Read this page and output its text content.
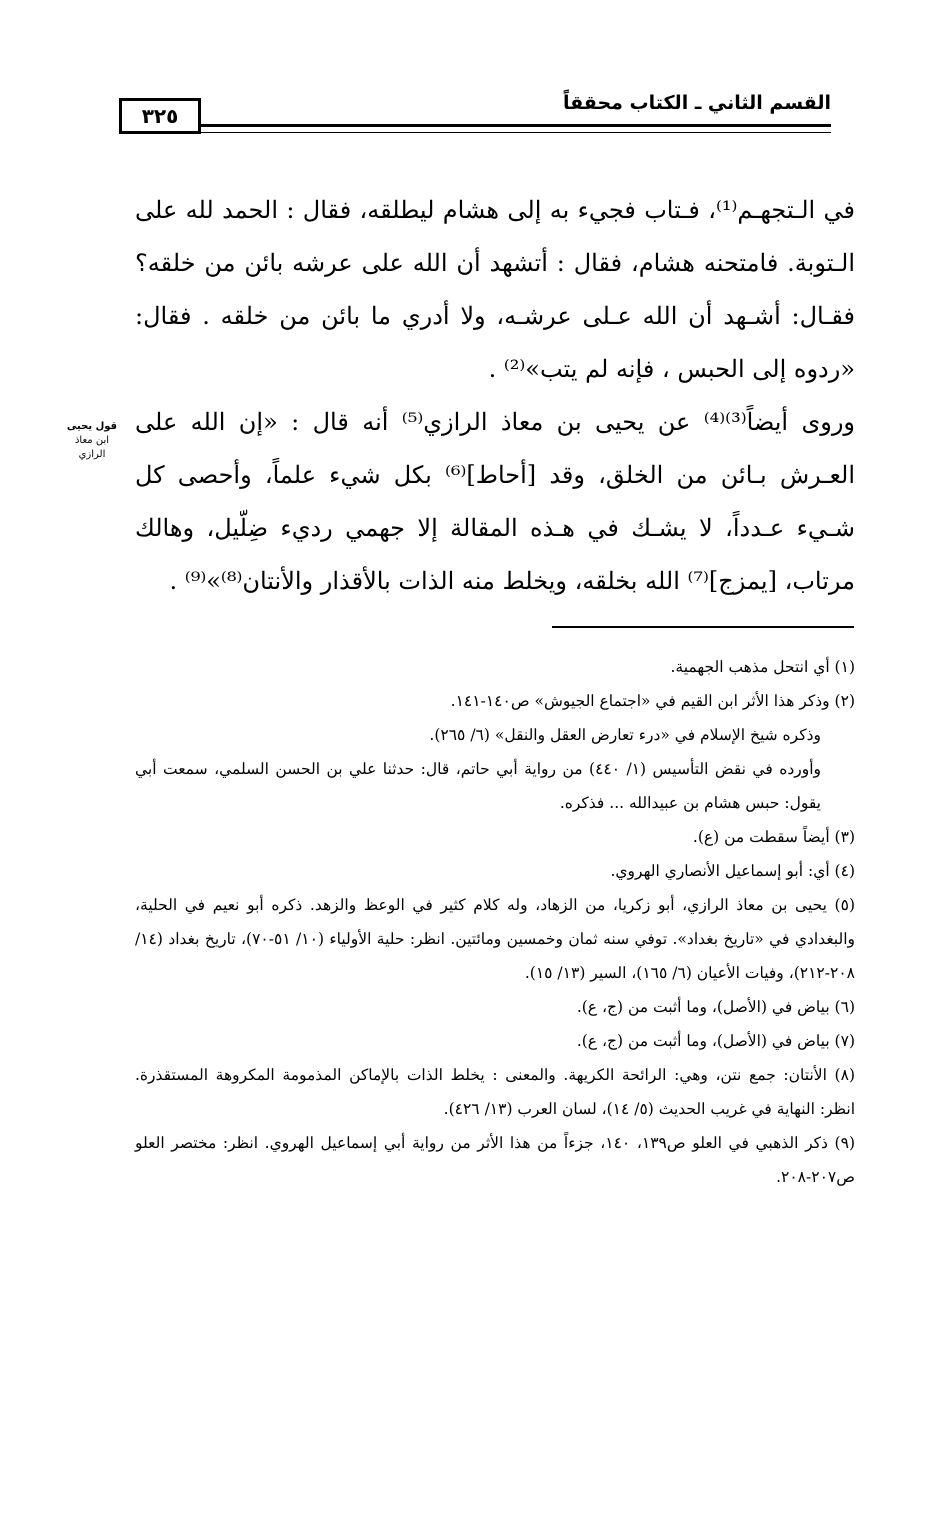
القسم الثاني ـ الكتاب محققاً
٣٢٥

في الـتجهـم⁽¹⁾، فـتاب فجيء به إلى هشام ليطلقه، فقال : الحمد لله على الـتوبة. فامتحنه هشام، فقال : أتشهد أن الله على عرشه بائن من خلقه؟ فقـال: أشـهد أن الله عـلى عرشـه، ولا أدري ما بائن من خلقه . فقال: «ردوه إلى الحبس ، فإنه لم يتب»⁽²⁾ .

وروى أيضاً⁽³⁾⁽⁴⁾ عن يحيى بن معاذ الرازي⁽⁵⁾ أنه قال : «إن الله على العـرش بـائن من الخلق، وقد [أحاط]⁽⁶⁾ بكل شيء علماً، وأحصى كل شـيء عـدداً، لا يشـك في هـذه المقالة إلا جهمي رديء ضِلّيل، وهالك مرتاب، [يمزج]⁽⁷⁾ الله بخلقه، ويخلط منه الذات بالأقذار والأنتان⁽⁸⁾»⁽⁹⁾ .

قول يحيى
ابن معاذ
الرازي

(١) أي انتحل مذهب الجهمية.

(٢) وذكر هذا الأثر ابن القيم في «اجتماع الجيوش» ص١٤٠-١٤١.

وذكره شيخ الإسلام في «درء تعارض العقل والنقل» (٦/ ٢٦٥).

وأورده في نقض التأسيس (١/ ٤٤٠) من رواية أبي حاتم، قال: حدثنا علي بن الحسن السلمي، سمعت أبي يقول: حبس هشام بن عبيدالله ... فذكره.

(٣) أيضاً سقطت من (ع).

(٤) أي: أبو إسماعيل الأنصاري الهروي.

(٥) يحيى بن معاذ الرازي، أبو زكريا، من الزهاد، وله كلام كثير في الوعظ والزهد. ذكره أبو نعيم في الحلية، والبغدادي في «تاريخ بغداد». توفي سنه ثمان وخمسين ومائتين. انظر: حلية الأولياء (١٠/ ٥١-٧٠)، تاريخ بغداد (١٤/ ٢٠٨-٢١٢)، وفيات الأعيان (٦/ ١٦٥)، السير (١٣/ ١٥).

(٦) بياض في (الأصل)، وما أثبت من (ج، ع).

(٧) بياض في (الأصل)، وما أثبت من (ج، ع).

(٨) الأنتان: جمع نتن، وهي: الرائحة الكريهة. والمعنى : يخلط الذات بالإماكن المذمومة المكروهة المستقذرة. انظر: النهاية في غريب الحديث (٥/ ١٤)، لسان العرب (١٣/ ٤٢٦).

(٩) ذكر الذهبي في العلو ص١٣٩، ١٤٠، جزءاً من هذا الأثر من رواية أبي إسماعيل الهروي. انظر: مختصر العلو ص٢٠٧-٢٠٨.
